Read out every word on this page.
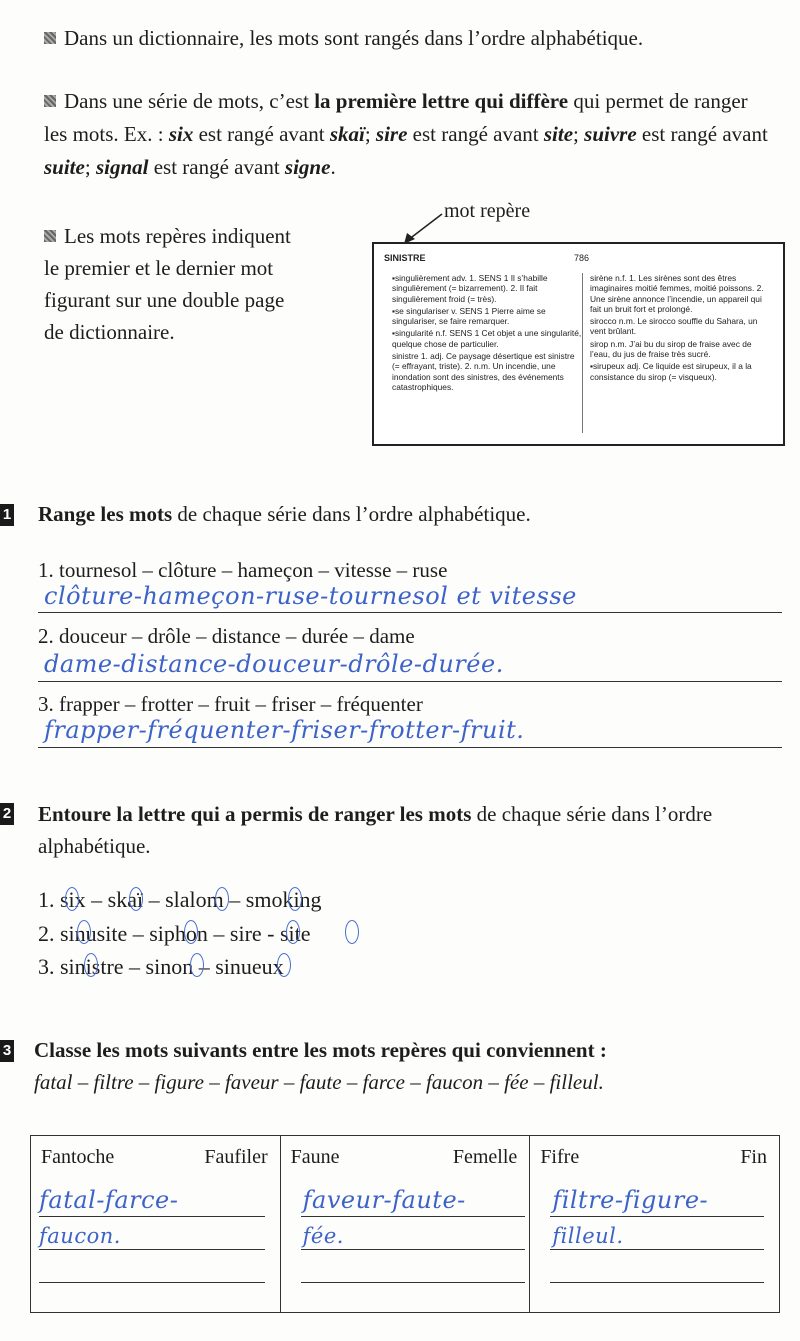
Dans un dictionnaire, les mots sont rangés dans l’ordre alphabétique.
Dans une série de mots, c’est la première lettre qui diffère qui permet de ranger
les mots. Ex. : six est rangé avant skaï; sire est rangé avant site; suivre est rangé avant
suite; signal est rangé avant signe.
Les mots repères indiquent
le premier et le dernier mot
figurant sur une double page
de dictionnaire.
mot repère
SINISTRE	786

▪singulièrement adv. 1. SENS 1 Il s’habille singulièrement (= bizarrement). 2. Il fait singulièrement froid (= très).

▪se singulariser v. SENS 1 Pierre aime se singulariser, se faire remarquer.

▪singularité n.f. SENS 1 Cet objet a une singularité, quelque chose de particulier.

sinistre 1. adj. Ce paysage désertique est sinistre (= effrayant, triste). 2. n.m. Un incendie, une inondation sont des sinistres, des événements catastrophiques.

sirène n.f. 1. Les sirènes sont des êtres imaginaires moitié femmes, moitié poissons. 2. Une sirène annonce l’incendie, un appareil qui fait un bruit fort et prolongé.

sirocco n.m. Le sirocco souffle du Sahara, un vent brûlant.

sirop n.m. J’ai bu du sirop de fraise avec de l’eau, du jus de fraise très sucré.

▪sirupeux adj. Ce liquide est sirupeux, il a la consistance du sirop (= visqueux).

1 Range les mots de chaque série dans l’ordre alphabétique.
1. tournesol – clôture – hameçon – vitesse – ruse
clôture-hameçon-ruse-tournesol et vitesse
2. douceur – drôle – distance – durée – dame
dame-distance-douceur-drôle-durée.
3. frapper – frotter – fruit – friser – fréquenter
frapper-fréquenter-friser-frotter-fruit.
2 Entoure la lettre qui a permis de ranger les mots de chaque série dans l’ordre
alphabétique.
1. six – skaï – slalom – smoking
2. sinusite – siphon – sire - site
3. sinistre – sinon – sinueux
3 Classe les mots suivants entre les mots repères qui conviennent :
fatal – filtre – figure – faveur – faute – farce – faucon – fée – filleul.
Fantoche	Faufiler
fatal-farce-
faucon.

Faune	Femelle
faveur-faute-
fée.

Fifre	Fin
filtre-figure-
filleul.
